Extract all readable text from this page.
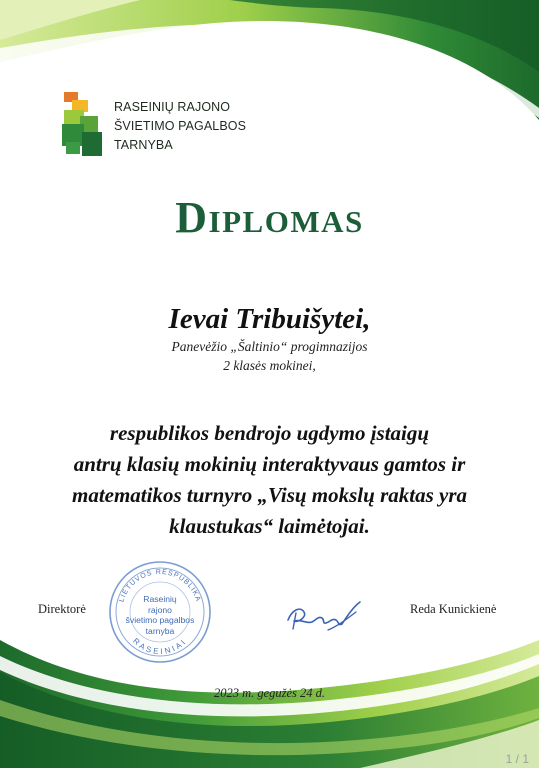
RASEINIŲ RAJONO
ŠVIETIMO PAGALBOS
TARNYBA
Diplomas
Ievai Tribuišytei,
Panevėžio „Šaltinio“ progimnazijos
2 klasės mokinei,
respublikos bendrojo ugdymo įstaigų
antrų klasių mokinių interaktyvaus gamtos ir
matematikos turnyro „Visų mokslų raktas yra
klaustukas“ laimėtojai.
LIETUVOS RESPUBLIKA
RASEINIAI
Raseinių
rajono
švietimo pagalbos
tarnyba
Direktorė	Reda Kunickienė
2023 m. gegužės 24 d.
1 / 1
